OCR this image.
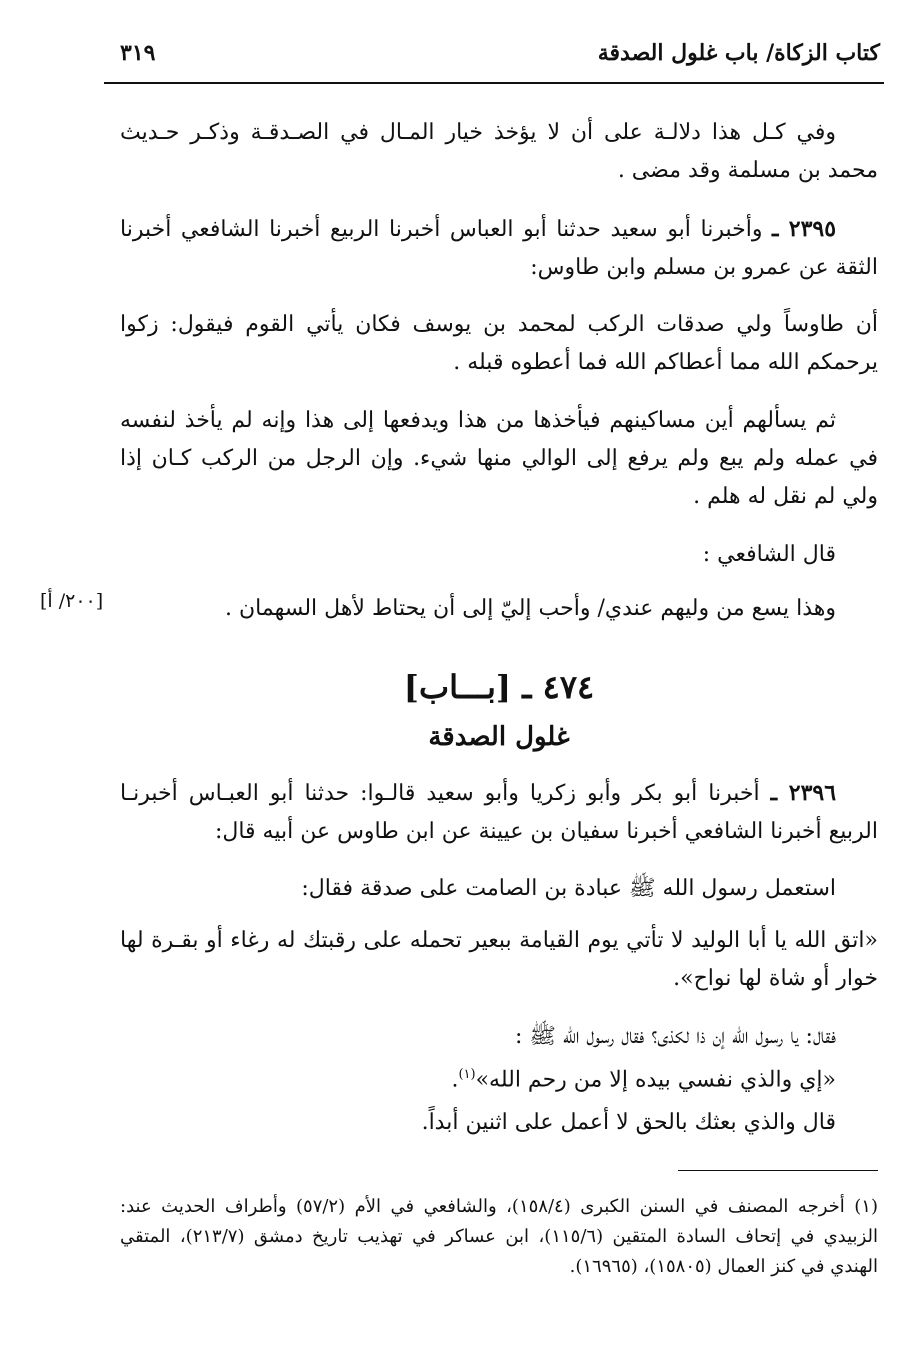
كتاب الزكاة/ باب غلول الصدقة
٣١٩
وفي كـل هذا دلالـة على أن لا يؤخذ خيار المـال في الصـدقـة وذكـر حـديث محمد بن مسلمة وقد مضى .
٢٣٩٥ ـ وأخبرنا أبو سعيد حدثنا أبو العباس أخبرنا الربيع أخبرنا الشافعي أخبرنا الثقة عن عمرو بن مسلم وابن طاوس:
أن طاوساً ولي صدقات الركب لمحمد بن يوسف فكان يأتي القوم فيقول: زكوا يرحمكم الله مما أعطاكم الله فما أعطوه قبله .
ثم يسألهم أين مساكينهم فيأخذها من هذا ويدفعها إلى هذا وإنه لم يأخذ لنفسه في عمله ولم يبع ولم يرفع إلى الوالي منها شيء. وإن الرجل من الركب كـان إذا ولي لم نقل له هلم .
قال الشافعي :
وهذا يسع من وليهم عندي/ وأحب إليّ إلى أن يحتاط لأهل السهمان .
[٢٠٠/ أ]
٤٧٤ ـ [بـــاب]
غلول الصدقة
٢٣٩٦ ـ أخبرنا أبو بكر وأبو زكريا وأبو سعيد قالـوا: حدثنا أبو العبـاس أخبرنـا الربيع أخبرنا الشافعي أخبرنا سفيان بن عيينة عن ابن طاوس عن أبيه قال:
استعمل رسول الله ﷺ عبادة بن الصامت على صدقة فقال:
«اتق الله يا أبا الوليد لا تأتي يوم القيامة ببعير تحمله على رقبتك له رغاء أو بقـرة لها خوار أو شاة لها نواح».
فقال: يا رسول الله إن ذا لكذى؟ فقال رسول الله ﷺ :
«إي والذي نفسي بيده إلا من رحم الله»$^{(١)}$.
قال والذي بعثك بالحق لا أعمل على اثنين أبداً.
(١) أخرجه المصنف في السنن الكبرى (١٥٨/٤)، والشافعي في الأم (٥٧/٢) وأطراف الحديث عند: الزبيدي في إتحاف السادة المتقين (١١٥/٦)، ابن عساكر في تهذيب تاريخ دمشق (٢١٣/٧)، المتقي الهندي في كنز العمال (١٥٨٠٥)، (١٦٩٦٥).
